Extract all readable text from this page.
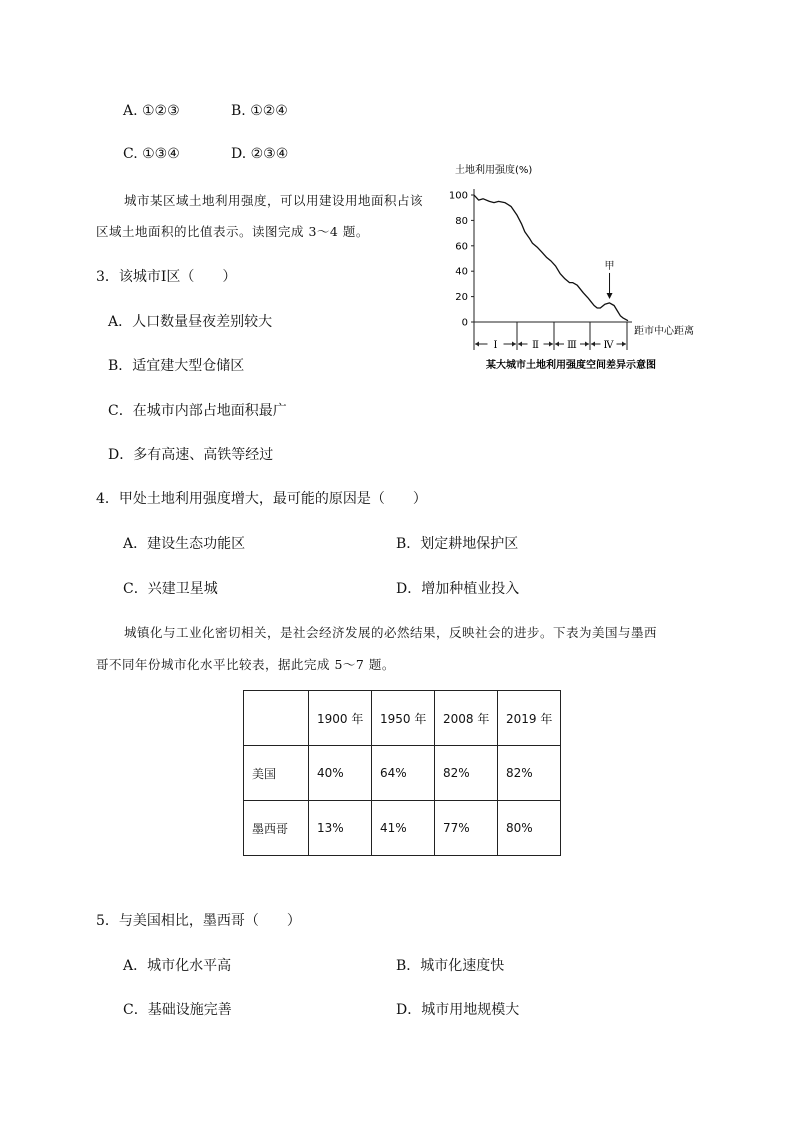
A. ①②③	B. ①②④
C. ①③④	D. ②③④
城市某区域土地利用强度，可以用建设用地面积占该
区域土地面积的比值表示。读图完成 3～4 题。
土地利用强度(%)
0
20
40
60
80
100
距市中心距离
Ⅰ	Ⅱ	Ⅲ	Ⅳ
甲
某大城市土地利用强度空间差异示意图
3．该城市Ⅰ区（　　）
A．人口数量昼夜差别较大
B．适宜建大型仓储区
C．在城市内部占地面积最广
D．多有高速、高铁等经过
4．甲处土地利用强度增大，最可能的原因是（　　）
A．建设生态功能区	B．划定耕地保护区
C．兴建卫星城	D．增加种植业投入
城镇化与工业化密切相关，是社会经济发展的必然结果，反映社会的进步。下表为美国与墨西
哥不同年份城市化水平比较表，据此完成 5～7 题。
	1900 年	1950 年	2008 年	2019 年
美国	40%	64%	82%	82%
墨西哥	13%	41%	77%	80%
5．与美国相比，墨西哥（　　）
A．城市化水平高	B．城市化速度快
C．基础设施完善	D．城市用地规模大
